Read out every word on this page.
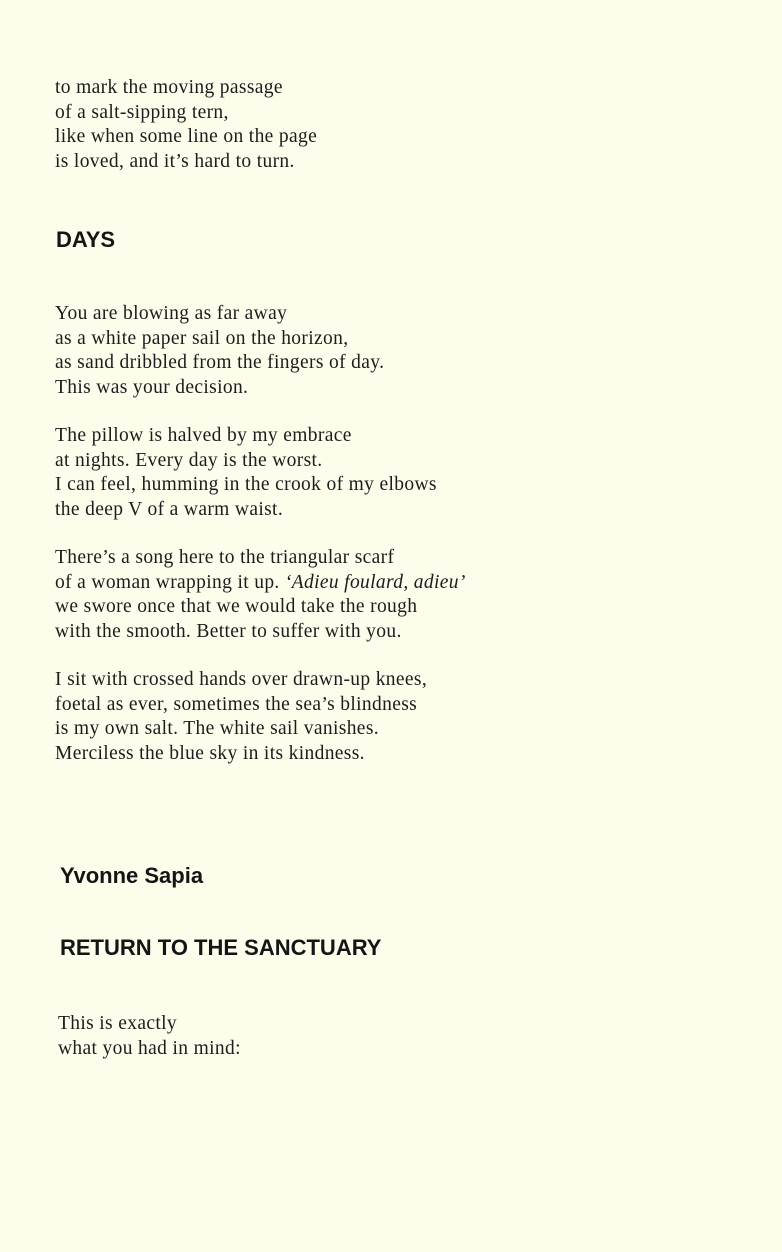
to mark the moving passage
of a salt-sipping tern,
like when some line on the page
is loved, and it’s hard to turn.
DAYS
You are blowing as far away
as a white paper sail on the horizon,
as sand dribbled from the fingers of day.
This was your decision.
The pillow is halved by my embrace
at nights. Every day is the worst.
I can feel, humming in the crook of my elbows
the deep V of a warm waist.
There’s a song here to the triangular scarf
of a woman wrapping it up. ‘Adieu foulard, adieu’
we swore once that we would take the rough
with the smooth. Better to suffer with you.
I sit with crossed hands over drawn-up knees,
foetal as ever, sometimes the sea’s blindness
is my own salt. The white sail vanishes.
Merciless the blue sky in its kindness.
Yvonne Sapia
RETURN TO THE SANCTUARY
This is exactly
what you had in mind:
